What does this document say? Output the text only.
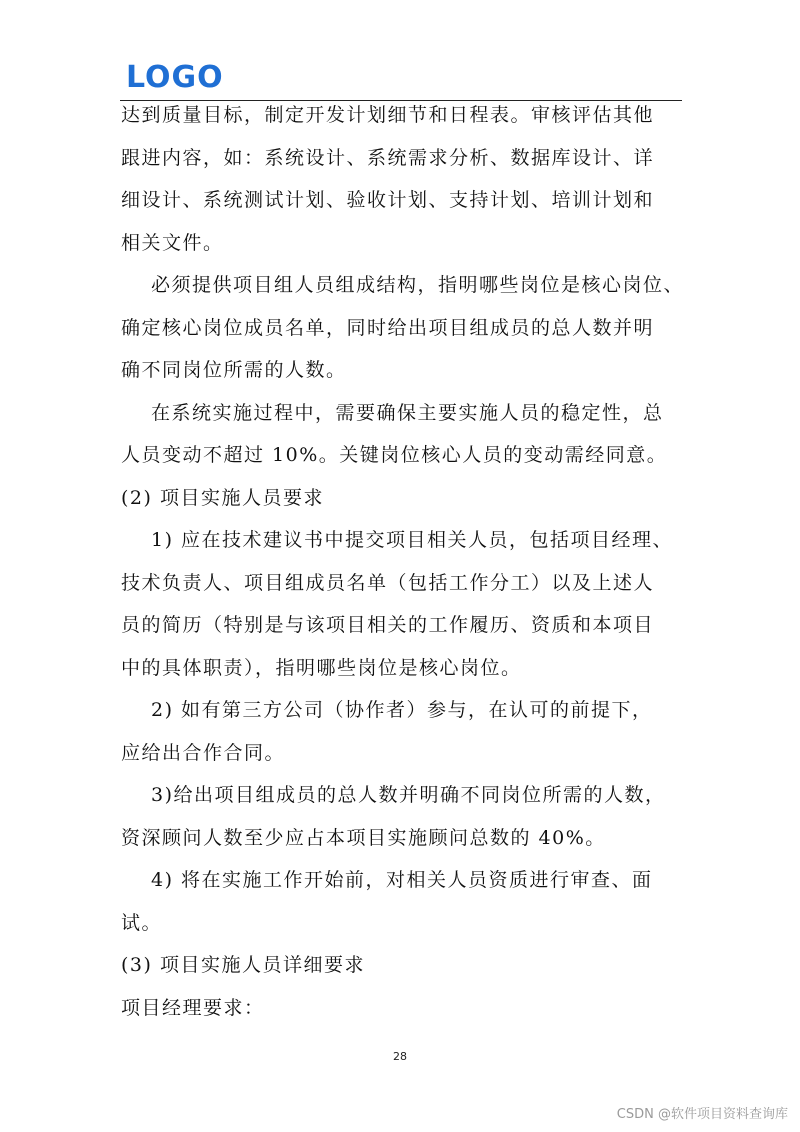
LOGO
达到质量目标，制定开发计划细节和日程表。审核评估其他
跟进内容，如：系统设计、系统需求分析、数据库设计、详
细设计、系统测试计划、验收计划、支持计划、培训计划和
相关文件。
必须提供项目组人员组成结构，指明哪些岗位是核心岗位、
确定核心岗位成员名单，同时给出项目组成员的总人数并明
确不同岗位所需的人数。
在系统实施过程中，需要确保主要实施人员的稳定性，总
人员变动不超过 10%。关键岗位核心人员的变动需经同意。
(2) 项目实施人员要求
1) 应在技术建议书中提交项目相关人员，包括项目经理、
技术负责人、项目组成员名单（包括工作分工）以及上述人
员的简历（特别是与该项目相关的工作履历、资质和本项目
中的具体职责），指明哪些岗位是核心岗位。
2) 如有第三方公司（协作者）参与，在认可的前提下，
应给出合作合同。
3)给出项目组成员的总人数并明确不同岗位所需的人数，
资深顾问人数至少应占本项目实施顾问总数的 40%。
4) 将在实施工作开始前，对相关人员资质进行审查、面
试。
(3) 项目实施人员详细要求
项目经理要求：
28
CSDN @软件项目资料查询库
